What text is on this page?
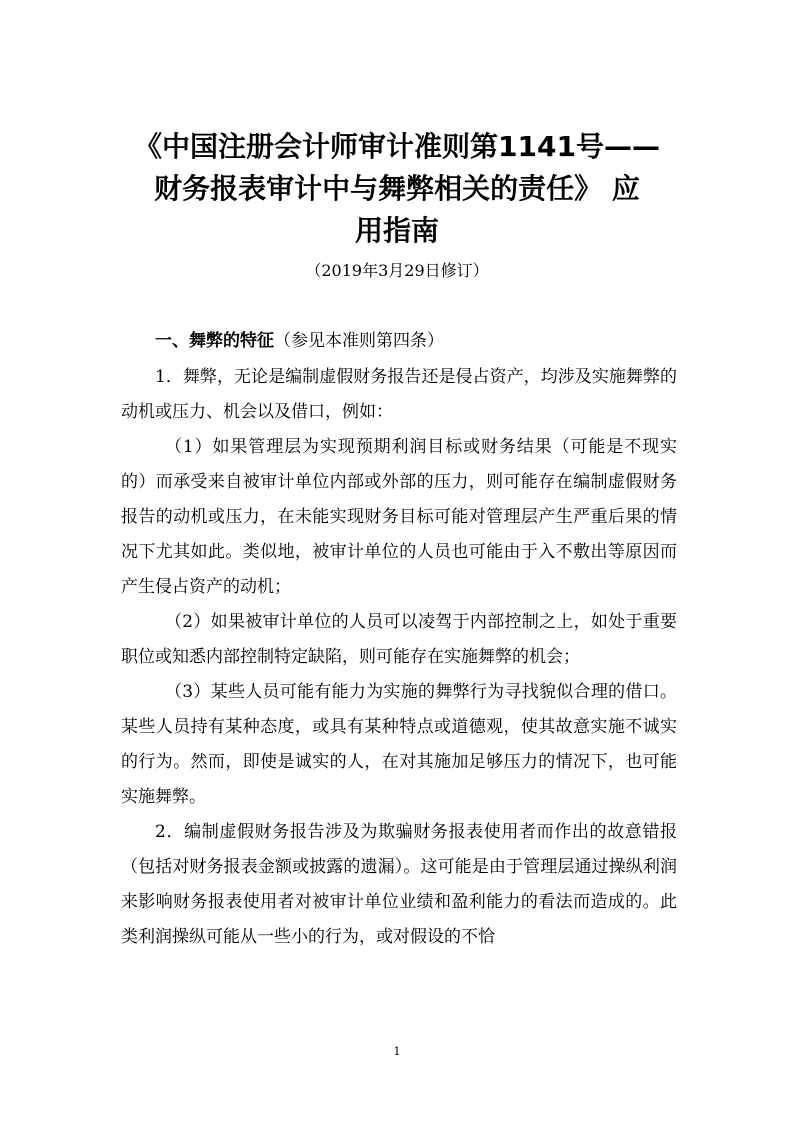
《中国注册会计师审计准则第1141号——
财务报表审计中与舞弊相关的责任》 应
用指南
（2019年3月29日修订）

一、舞弊的特征（参见本准则第四条）

1．舞弊，无论是编制虚假财务报告还是侵占资产，均涉及实施舞弊的动机或压力、机会以及借口，例如：

（1）如果管理层为实现预期利润目标或财务结果（可能是不现实的）而承受来自被审计单位内部或外部的压力，则可能存在编制虚假财务报告的动机或压力，在未能实现财务目标可能对管理层产生严重后果的情况下尤其如此。类似地，被审计单位的人员也可能由于入不敷出等原因而产生侵占资产的动机；

（2）如果被审计单位的人员可以凌驾于内部控制之上，如处于重要职位或知悉内部控制特定缺陷，则可能存在实施舞弊的机会；

（3）某些人员可能有能力为实施的舞弊行为寻找貌似合理的借口。某些人员持有某种态度，或具有某种特点或道德观，使其故意实施不诚实的行为。然而，即使是诚实的人，在对其施加足够压力的情况下，也可能实施舞弊。

2．编制虚假财务报告涉及为欺骗财务报表使用者而作出的故意错报（包括对财务报表金额或披露的遗漏）。这可能是由于管理层通过操纵利润来影响财务报表使用者对被审计单位业绩和盈利能力的看法而造成的。此类利润操纵可能从一些小的行为，或对假设的不恰

1
